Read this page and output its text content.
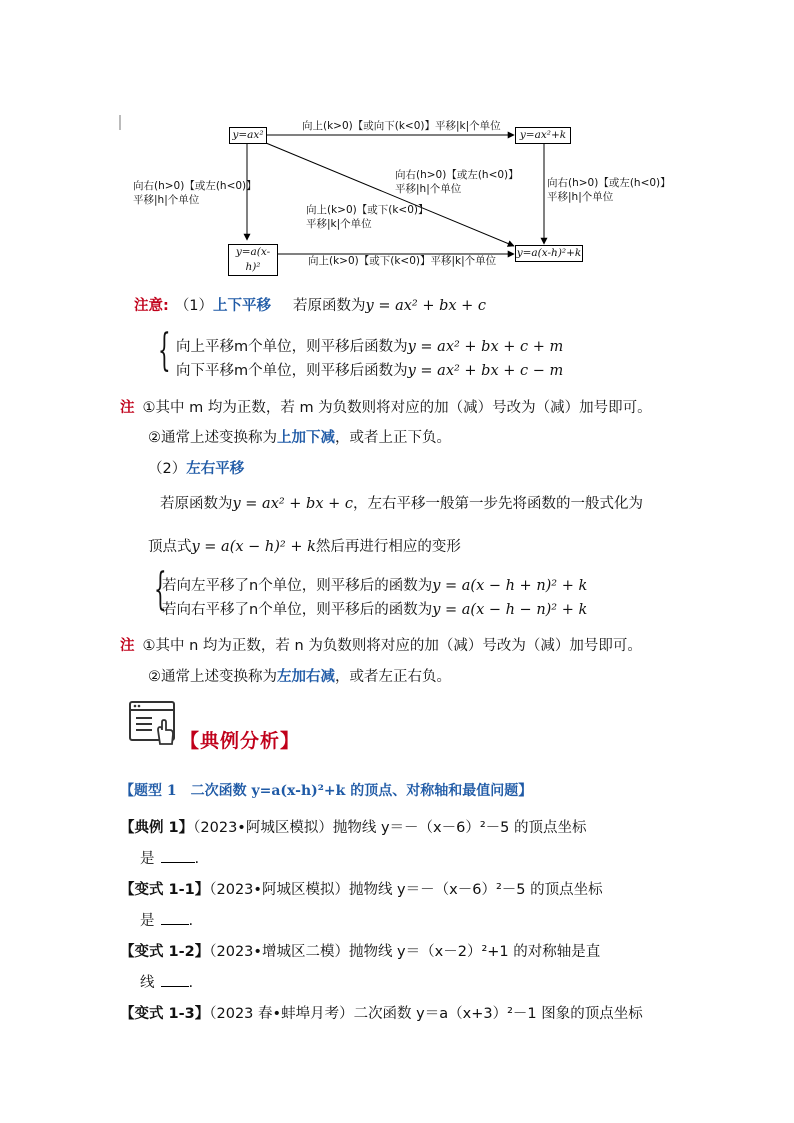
y=ax²	y=ax²+k
y=a(x-h)²
y=a(x-h)²+k
向上(k>0)【或向下(k<0)】平移|k|个单位
向右(h>0)【或左(h<0)】
平移|h|个单位
向右(h>0)【或左(h<0)】
平移|h|个单位
向上(k>0)【或下(k<0)】
平移|k|个单位
向右(h>0)【或左(h<0)】
平移|h|个单位
向上(k>0)【或下(k<0)】平移|k|个单位
注意: （1）上下平移 若原函数为y = ax² + bx + c
{ 向上平移m个单位，则平移后函数为y = ax² + bx + c + m
向下平移m个单位，则平移后函数为y = ax² + bx + c − m
注 ①其中 m 均为正数，若 m 为负数则将对应的加（减）号改为（减）加号即可。
②通常上述变换称为上加下减，或者上正下负。
（2）左右平移
若原函数为y = ax² + bx + c，左右平移一般第一步先将函数的一般式化为
顶点式y = a(x − h)² + k然后再进行相应的变形
{
若向左平移了n个单位，则平移后的函数为y = a(x − h + n)² + k
若向右平移了n个单位，则平移后的函数为y = a(x − h − n)² + k
注 ①其中 n 均为正数，若 n 为负数则将对应的加（减）号改为（减）加号即可。
②通常上述变换称为左加右减，或者左正右负。
【典例分析】
【题型 1　二次函数 y=a(x-h)²+k 的顶点、对称轴和最值问题】
【典例 1】（2023•阿城区模拟）抛物线 y＝－（x－6）²－5 的顶点坐标
是	.
【变式 1-1】（2023•阿城区模拟）抛物线 y＝－（x－6）²－5 的顶点坐标
是 .
【变式 1-2】（2023•增城区二模）抛物线 y＝（x－2）²+1 的对称轴是直
线 .
【变式 1-3】（2023 春•蚌埠月考）二次函数 y＝a（x+3）²－1 图象的顶点坐标
